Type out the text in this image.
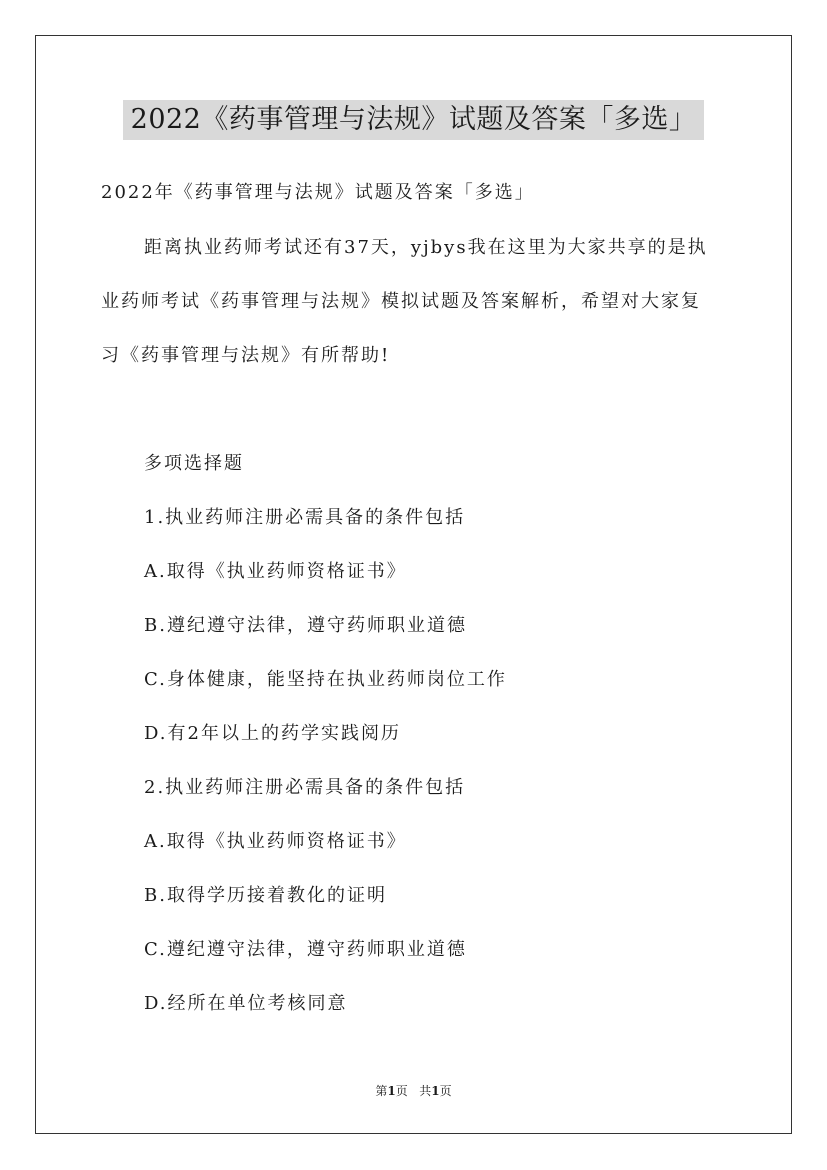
2022《药事管理与法规》试题及答案「多选」
2022年《药事管理与法规》试题及答案「多选」
距离执业药师考试还有37天，yjbys我在这里为大家共享的是执
业药师考试《药事管理与法规》模拟试题及答案解析，希望对大家复
习《药事管理与法规》有所帮助!
多项选择题
1.执业药师注册必需具备的条件包括
A.取得《执业药师资格证书》
B.遵纪遵守法律，遵守药师职业道德
C.身体健康，能坚持在执业药师岗位工作
D.有2年以上的药学实践阅历
2.执业药师注册必需具备的条件包括
A.取得《执业药师资格证书》
B.取得学历接着教化的证明
C.遵纪遵守法律，遵守药师职业道德
D.经所在单位考核同意
第1页 共1页
